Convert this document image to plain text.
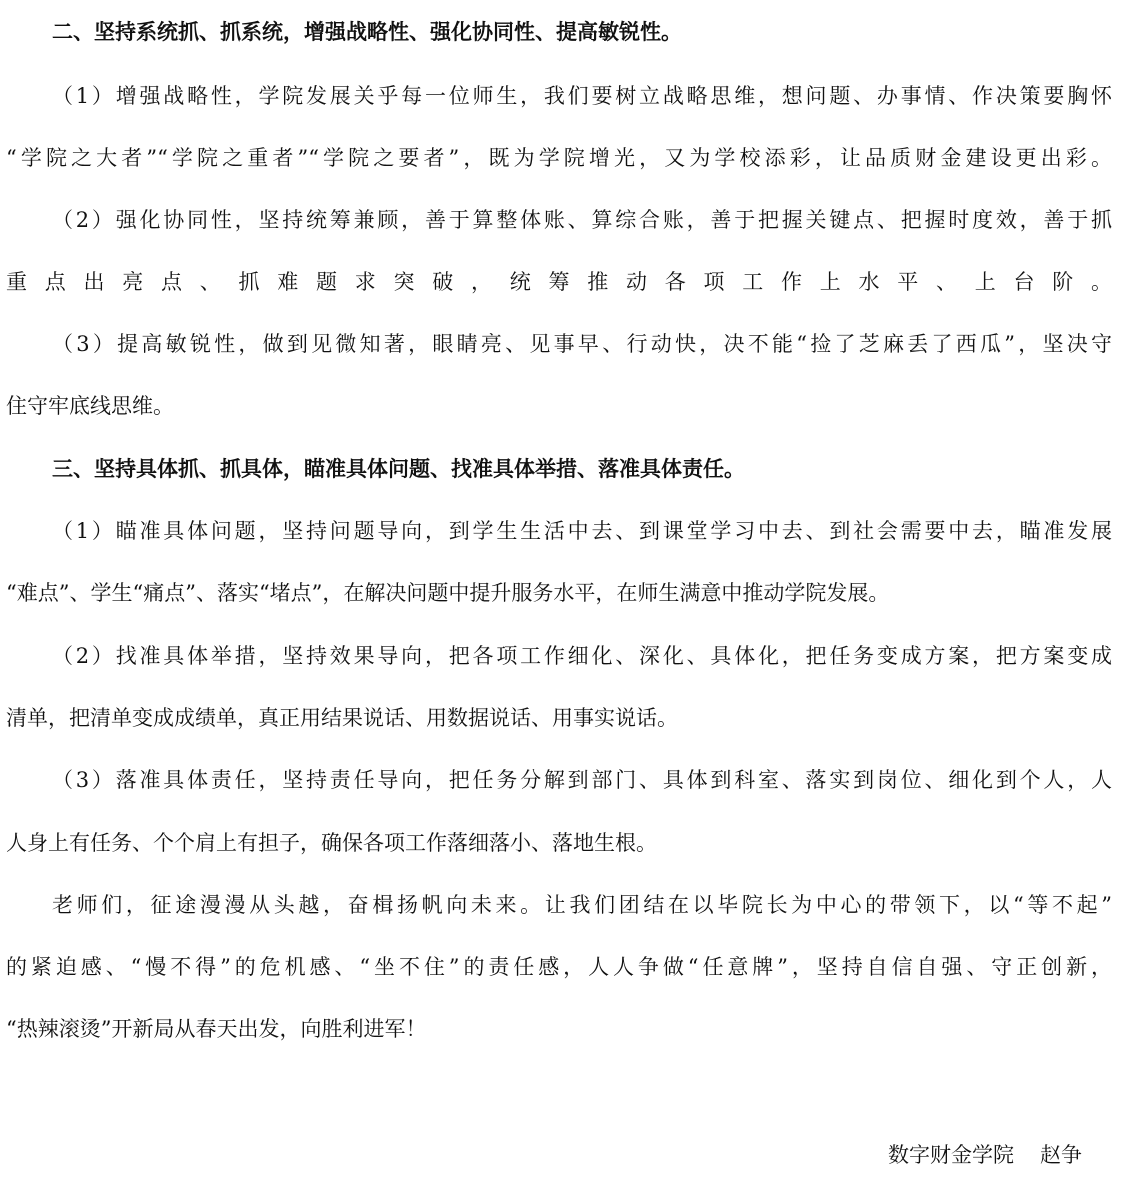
二、坚持系统抓、抓系统，增强战略性、强化协同性、提高敏锐性。
（1）增强战略性，学院发展关乎每一位师生，我们要树立战略思维，想问题、办事情、作决策要胸怀
“学院之大者”“学院之重者”“学院之要者”，既为学院增光，又为学校添彩，让品质财金建设更出彩。
（2）强化协同性，坚持统筹兼顾，善于算整体账、算综合账，善于把握关键点、把握时度效，善于抓
重点出亮点、抓难题求突破，统筹推动各项工作上水平、上台阶。
（3）提高敏锐性，做到见微知著，眼睛亮、见事早、行动快，决不能“捡了芝麻丢了西瓜”，坚决守
住守牢底线思维。
三、坚持具体抓、抓具体，瞄准具体问题、找准具体举措、落准具体责任。
（1）瞄准具体问题，坚持问题导向，到学生生活中去、到课堂学习中去、到社会需要中去，瞄准发展
“难点”、学生“痛点”、落实“堵点”，在解决问题中提升服务水平，在师生满意中推动学院发展。
（2）找准具体举措，坚持效果导向，把各项工作细化、深化、具体化，把任务变成方案，把方案变成
清单，把清单变成成绩单，真正用结果说话、用数据说话、用事实说话。
（3）落准具体责任，坚持责任导向，把任务分解到部门、具体到科室、落实到岗位、细化到个人，人
人身上有任务、个个肩上有担子，确保各项工作落细落小、落地生根。
老师们，征途漫漫从头越，奋楫扬帆向未来。让我们团结在以毕院长为中心的带领下，以“等不起”
的紧迫感、“慢不得”的危机感、“坐不住”的责任感，人人争做“任意牌”，坚持自信自强、守正创新，
“热辣滚烫”开新局从春天出发，向胜利进军！
数字财金学院 赵争
